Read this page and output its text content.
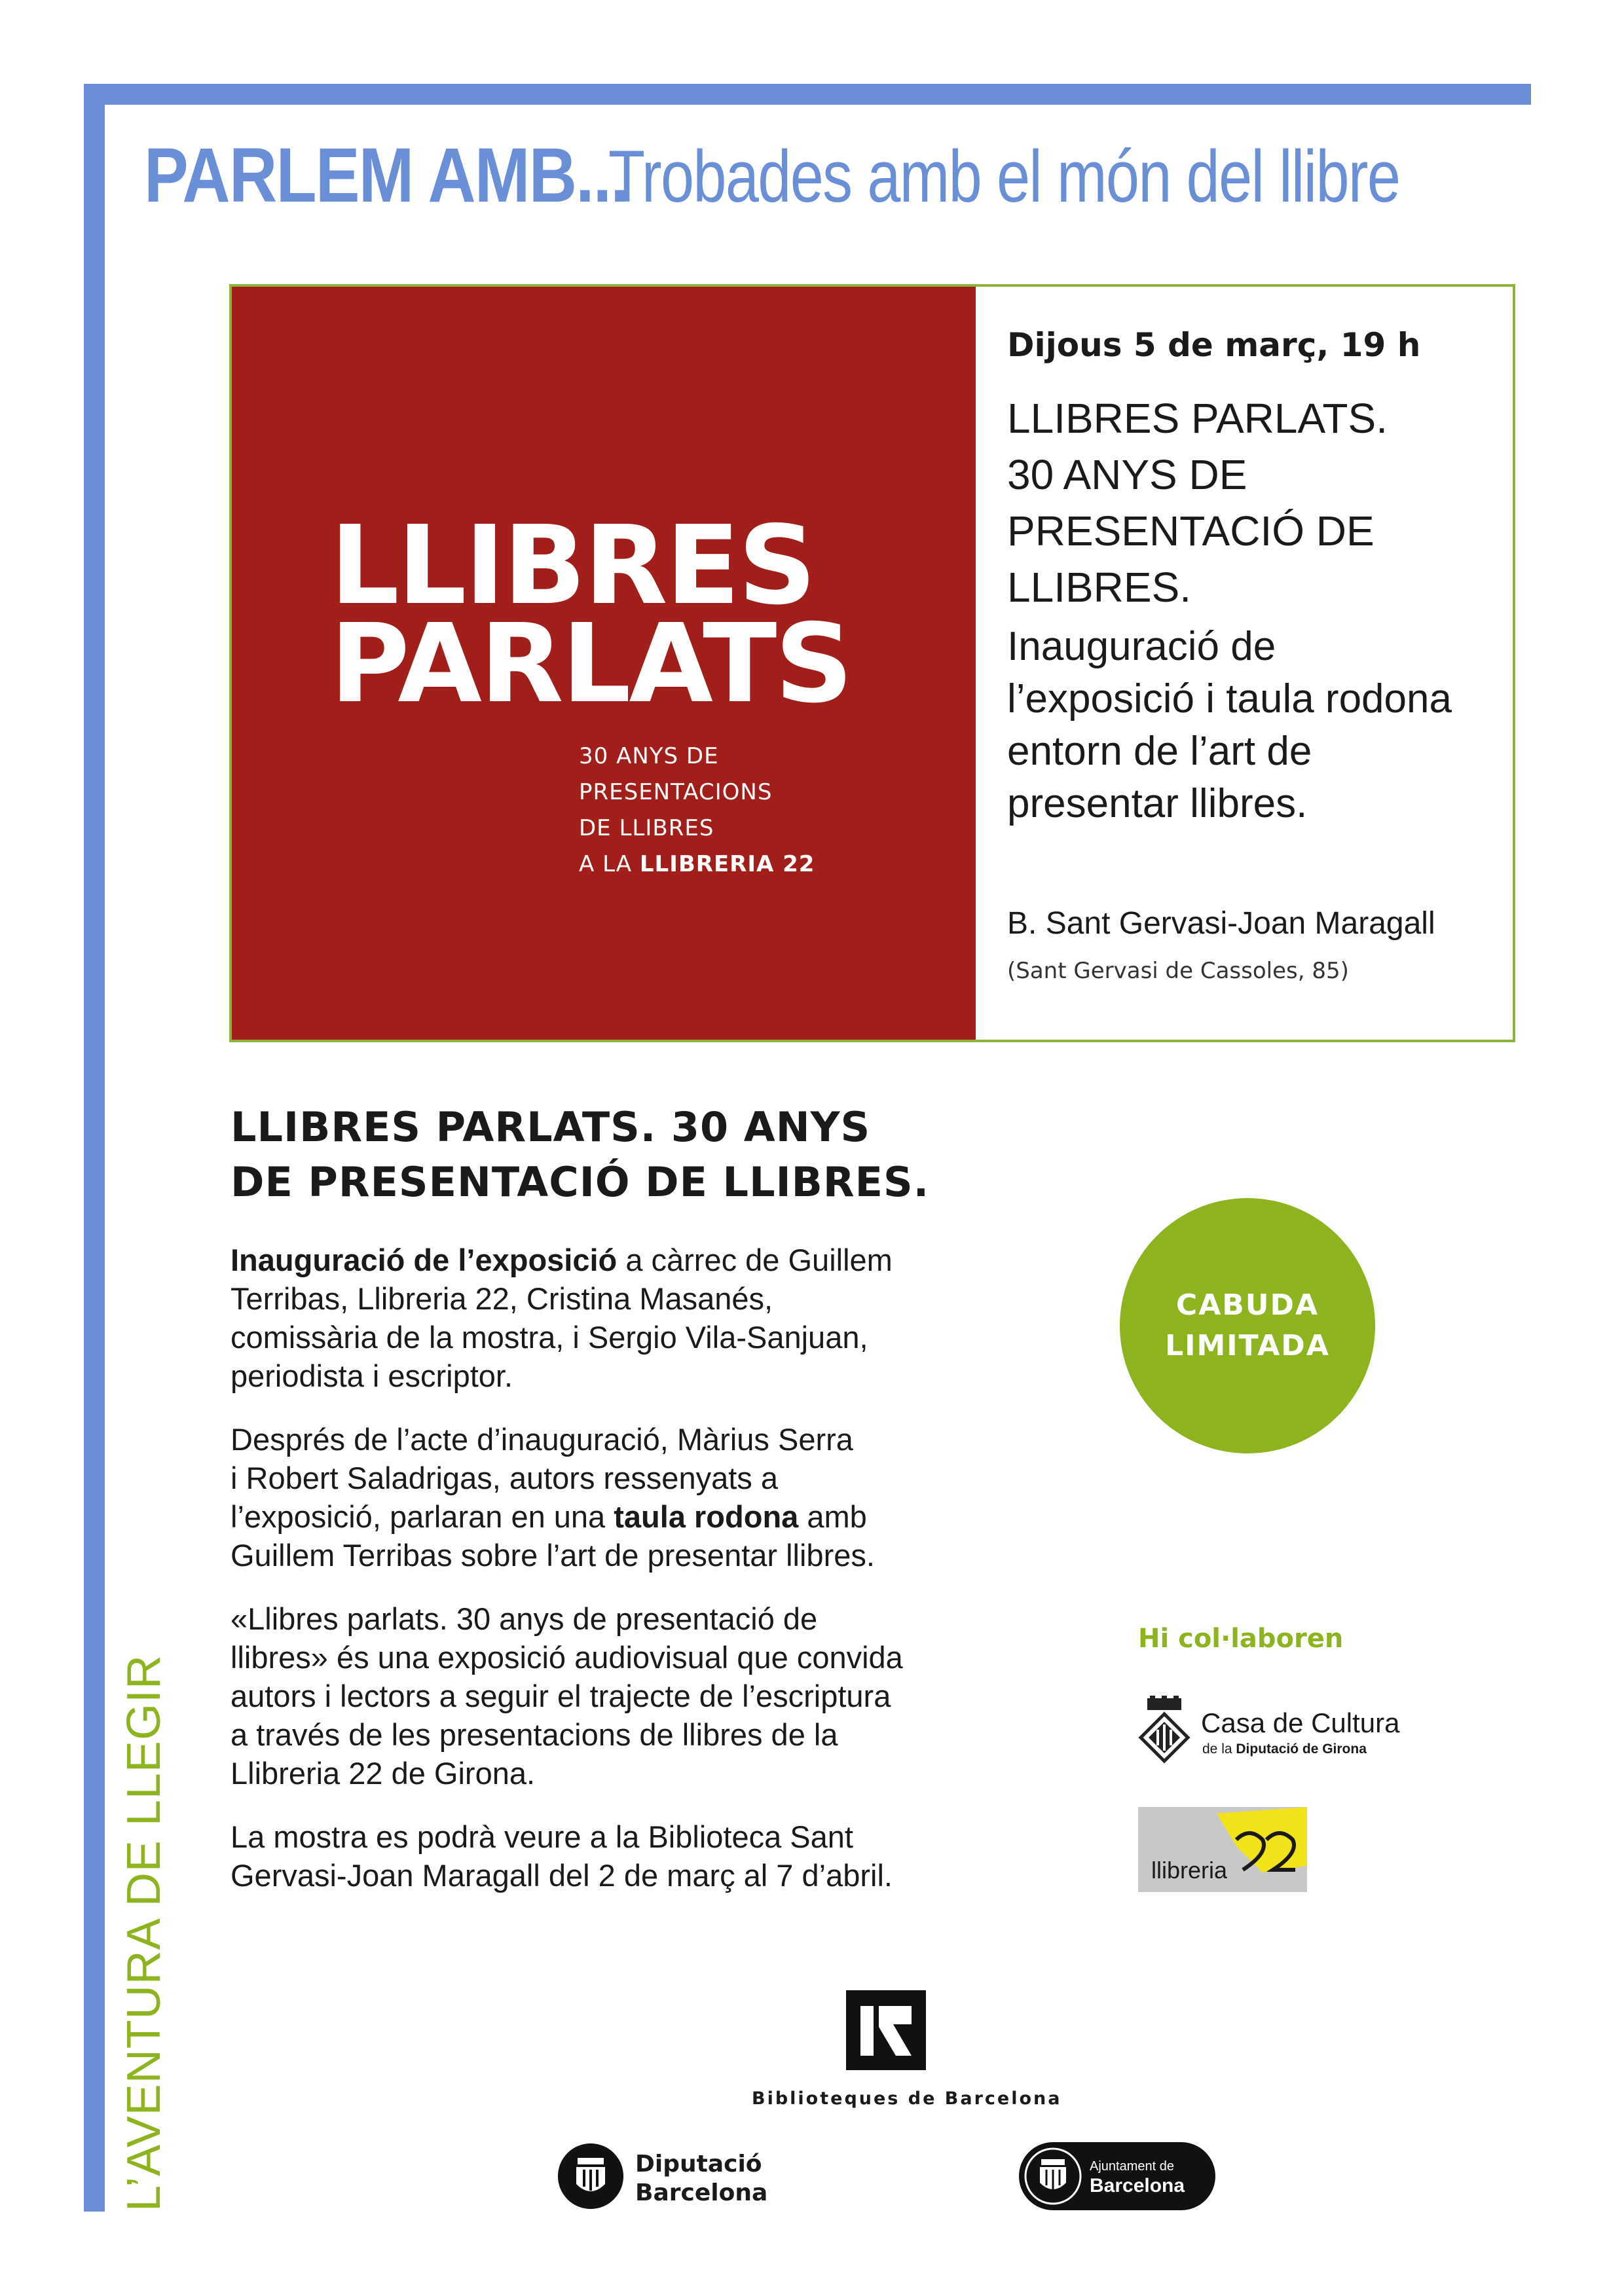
PARLEM AMB...
Trobades amb el món del llibre
LLIBRES
PARLATS
30 ANYS DE
PRESENTACIONS
DE LLIBRES
A LA LLIBRERIA 22
Dijous 5 de març, 19 h
LLIBRES PARLATS.
30 ANYS DE
PRESENTACIÓ DE
LLIBRES.
Inauguració de
l’exposició i taula rodona
entorn de l’art de
presentar llibres.
B. Sant Gervasi-Joan Maragall
(Sant Gervasi de Cassoles, 85)
LLIBRES PARLATS. 30 ANYS
DE PRESENTACIÓ DE LLIBRES.

Inauguració de l’exposició a càrrec de Guillem
Terribas, Llibreria 22, Cristina Masanés,
comissària de la mostra, i Sergio Vila-Sanjuan,
periodista i escriptor.

Després de l’acte d’inauguració, Màrius Serra
i Robert Saladrigas, autors ressenyats a
l’exposició, parlaran en una taula rodona amb
Guillem Terribas sobre l’art de presentar llibres.

«Llibres parlats. 30 anys de presentació de
llibres» és una exposició audiovisual que convida
autors i lectors a seguir el trajecte de l’escriptura
a través de les presentacions de llibres de la
Llibreria 22 de Girona.

La mostra es podrà veure a la Biblioteca Sant
Gervasi-Joan Maragall del 2 de març al 7 d’abril.

CABUDA
LIMITADA
Hi col·laboren
Casa de Cultura
de la Diputació de Girona
llibreria
L’AVENTURA DE LLEGIR	Biblioteques de Barcelona
Diputació
Barcelona
Ajuntament de
Barcelona
